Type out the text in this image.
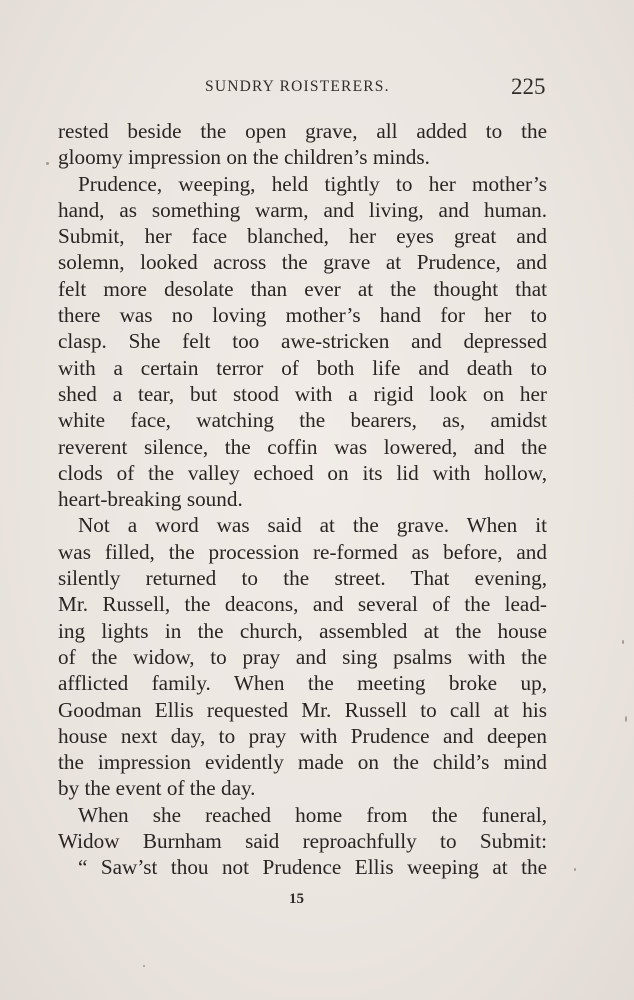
SUNDRY ROISTERERS.	225
rested beside the open grave, all added to the
gloomy impression on the children’s minds.
Prudence, weeping, held tightly to her mother’s
hand, as something warm, and living, and human.
Submit, her face blanched, her eyes great and
solemn, looked across the grave at Prudence, and
felt more desolate than ever at the thought that
there was no loving mother’s hand for her to
clasp. She felt too awe-stricken and depressed
with a certain terror of both life and death to
shed a tear, but stood with a rigid look on her
white face, watching the bearers, as, amidst
reverent silence, the coffin was lowered, and the
clods of the valley echoed on its lid with hollow,
heart-breaking sound.
Not a word was said at the grave. When it
was filled, the procession re-formed as before, and
silently returned to the street. That evening,
Mr. Russell, the deacons, and several of the lead-
ing lights in the church, assembled at the house
of the widow, to pray and sing psalms with the
afflicted family. When the meeting broke up,
Goodman Ellis requested Mr. Russell to call at his
house next day, to pray with Prudence and deepen
the impression evidently made on the child’s mind
by the event of the day.
When she reached home from the funeral,
Widow Burnham said reproachfully to Submit:
“ Saw’st thou not Prudence Ellis weeping at the
15
